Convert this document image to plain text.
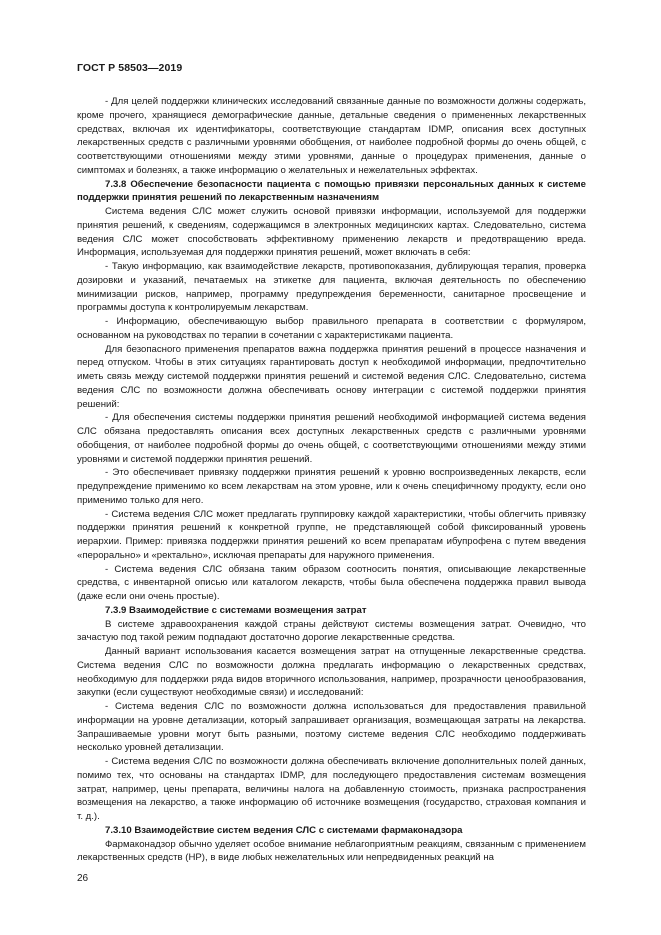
ГОСТ Р 58503—2019

- Для целей поддержки клинических исследований связанные данные по возможности должны содержать, кроме прочего, хранящиеся демографические данные, детальные сведения о примененных лекарственных средствах, включая их идентификаторы, соответствующие стандартам IDMP, описания всех доступных лекарственных средств с различными уровнями обобщения, от наиболее подробной формы до очень общей, с соответствующими отношениями между этими уровнями, данные о процедурах применения, данные о симптомах и болезнях, а также информацию о желательных и нежелательных эффектах.

7.3.8 Обеспечение безопасности пациента с помощью привязки персональных данных к системе поддержки принятия решений по лекарственным назначениям

Система ведения СЛС может служить основой привязки информации, используемой для поддержки принятия решений, к сведениям, содержащимся в электронных медицинских картах. Следовательно, система ведения СЛС может способствовать эффективному применению лекарств и предотвращению вреда. Информация, используемая для поддержки принятия решений, может включать в себя:

- Такую информацию, как взаимодействие лекарств, противопоказания, дублирующая терапия, проверка дозировки и указаний, печатаемых на этикетке для пациента, включая деятельность по обеспечению минимизации рисков, например, программу предупреждения беременности, санитарное просвещение и программы доступа к контролируемым лекарствам.

- Информацию, обеспечивающую выбор правильного препарата в соответствии с формуляром, основанном на руководствах по терапии в сочетании с характеристиками пациента.

Для безопасного применения препаратов важна поддержка принятия решений в процессе назначения и перед отпуском. Чтобы в этих ситуациях гарантировать доступ к необходимой информации, предпочтительно иметь связь между системой поддержки принятия решений и системой ведения СЛС. Следовательно, система ведения СЛС по возможности должна обеспечивать основу интеграции с системой поддержки принятия решений:

- Для обеспечения системы поддержки принятия решений необходимой информацией система ведения СЛС обязана предоставлять описания всех доступных лекарственных средств с различными уровнями обобщения, от наиболее подробной формы до очень общей, с соответствующими отношениями между этими уровнями и системой поддержки принятия решений.

- Это обеспечивает привязку поддержки принятия решений к уровню воспроизведенных лекарств, если предупреждение применимо ко всем лекарствам на этом уровне, или к очень специфичному продукту, если оно применимо только для него.

- Система ведения СЛС может предлагать группировку каждой характеристики, чтобы облегчить привязку поддержки принятия решений к конкретной группе, не представляющей собой фиксированный уровень иерархии. Пример: привязка поддержки принятия решений ко всем препаратам ибупрофена с путем введения «перорально» и «ректально», исключая препараты для наружного применения.

- Система ведения СЛС обязана таким образом соотносить понятия, описывающие лекарственные средства, с инвентарной описью или каталогом лекарств, чтобы была обеспечена поддержка правил вывода (даже если они очень простые).

7.3.9 Взаимодействие с системами возмещения затрат

В системе здравоохранения каждой страны действуют системы возмещения затрат. Очевидно, что зачастую под такой режим подпадают достаточно дорогие лекарственные средства.

Данный вариант использования касается возмещения затрат на отпущенные лекарственные средства. Система ведения СЛС по возможности должна предлагать информацию о лекарственных средствах, необходимую для поддержки ряда видов вторичного использования, например, прозрачности ценообразования, закупки (если существуют необходимые связи) и исследований:

- Система ведения СЛС по возможности должна использоваться для предоставления правильной информации на уровне детализации, который запрашивает организация, возмещающая затраты на лекарства. Запрашиваемые уровни могут быть разными, поэтому системе ведения СЛС необходимо поддерживать несколько уровней детализации.

- Система ведения СЛС по возможности должна обеспечивать включение дополнительных полей данных, помимо тех, что основаны на стандартах IDMP, для последующего предоставления системам возмещения затрат, например, цены препарата, величины налога на добавленную стоимость, признака распространения возмещения на лекарство, а также информацию об источнике возмещения (государство, страховая компания и т. д.).

7.3.10 Взаимодействие систем ведения СЛС с системами фармаконадзора

Фармаконадзор обычно уделяет особое внимание неблагоприятным реакциям, связанным с применением лекарственных средств (НР), в виде любых нежелательных или непредвиденных реакций на

26
